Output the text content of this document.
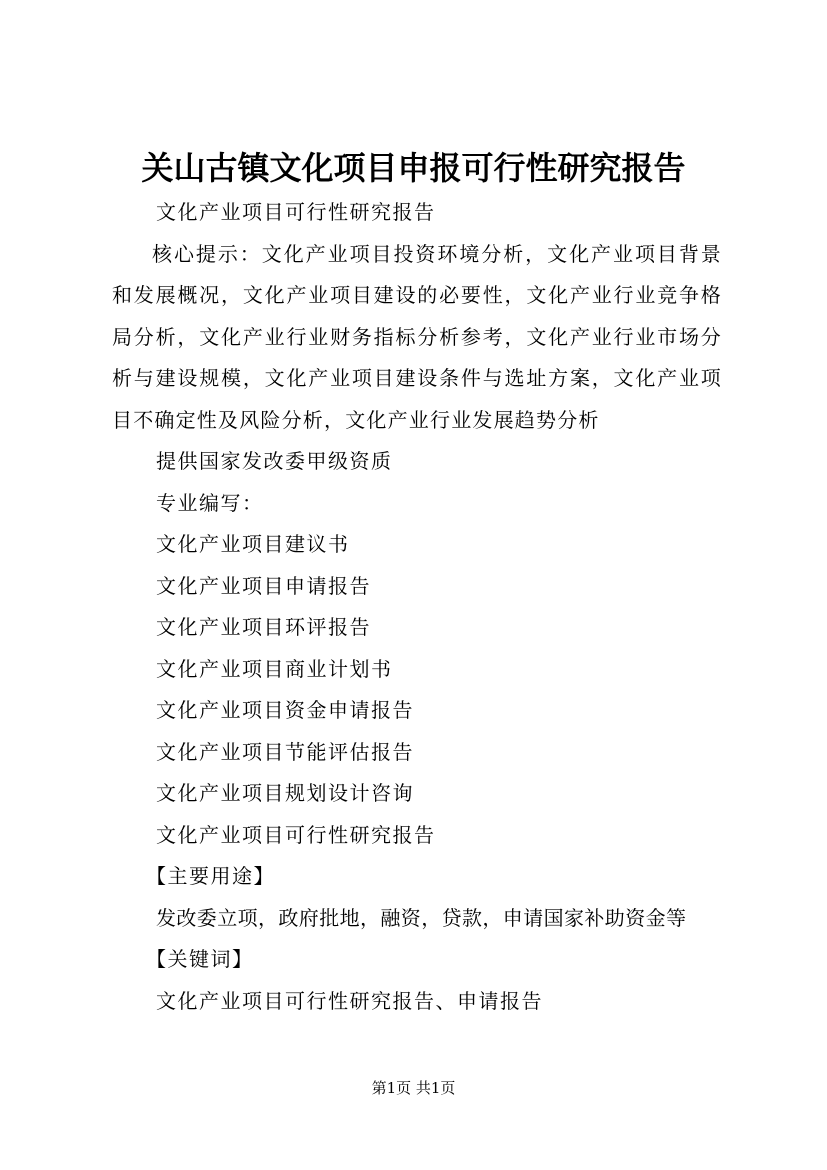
关山古镇文化项目申报可行性研究报告

文化产业项目可行性研究报告

核心提示：文化产业项目投资环境分析，文化产业项目背景和发展概况，文化产业项目建设的必要性，文化产业行业竞争格局分析，文化产业行业财务指标分析参考，文化产业行业市场分析与建设规模，文化产业项目建设条件与选址方案，文化产业项目不确定性及风险分析，文化产业行业发展趋势分析

提供国家发改委甲级资质

专业编写：

文化产业项目建议书

文化产业项目申请报告

文化产业项目环评报告

文化产业项目商业计划书

文化产业项目资金申请报告

文化产业项目节能评估报告

文化产业项目规划设计咨询

文化产业项目可行性研究报告

【主要用途】

发改委立项，政府批地，融资，贷款，申请国家补助资金等

【关键词】

文化产业项目可行性研究报告、申请报告

第1页 共1页
